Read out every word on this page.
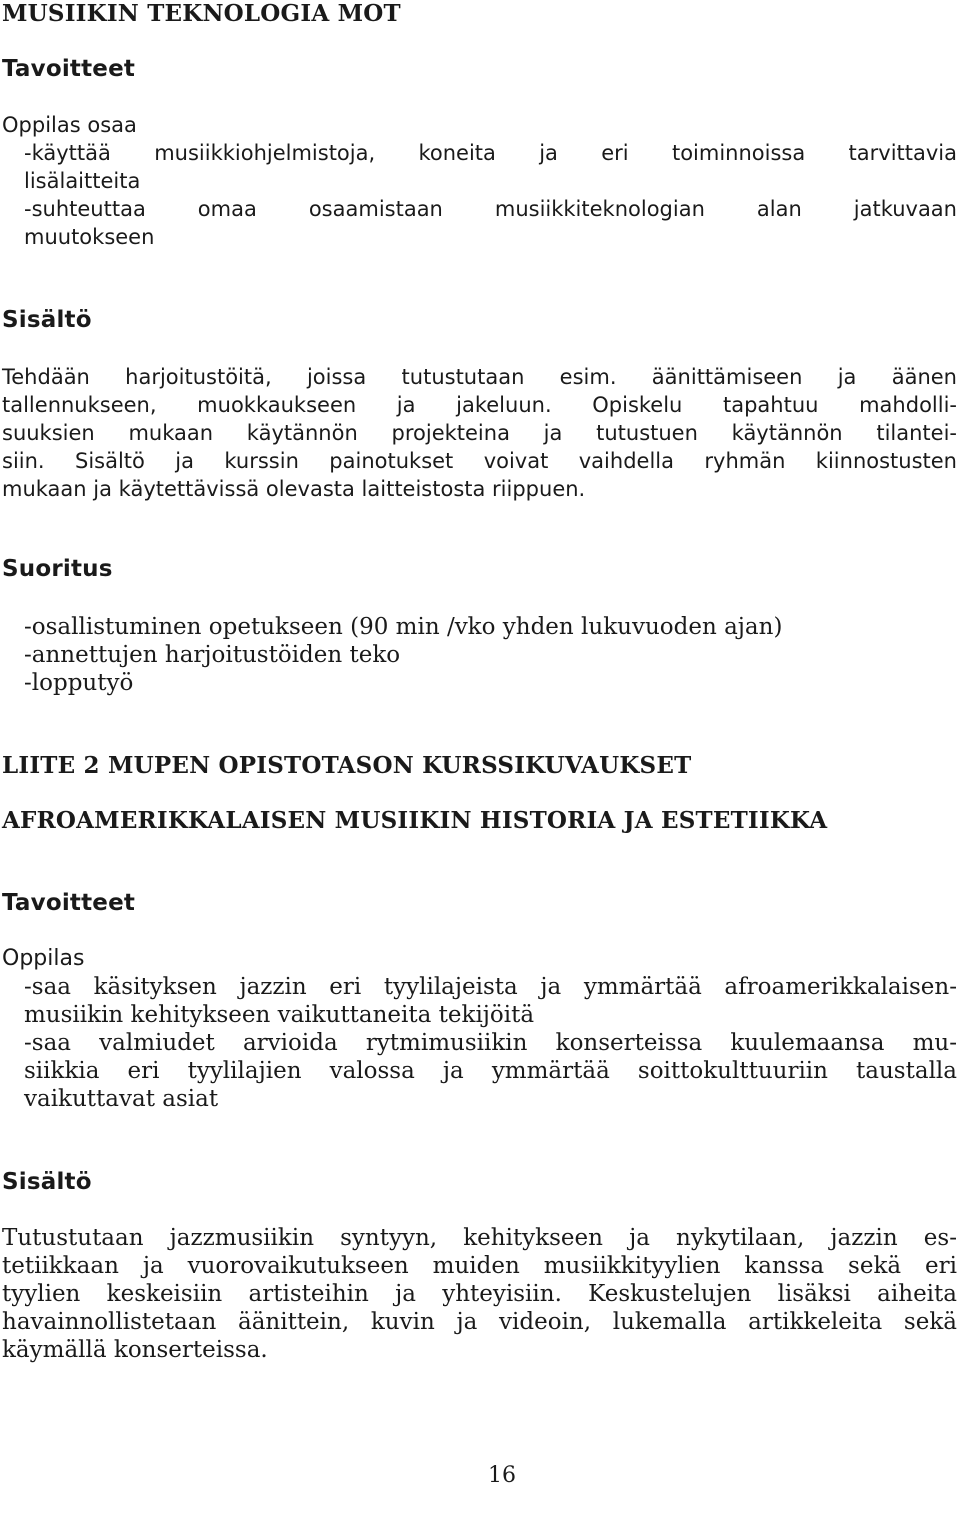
MUSIIKIN TEKNOLOGIA MOT
Tavoitteet
Oppilas osaa
-käyttää musiikkiohjelmistoja, koneita ja eri toiminnoissa tarvittavia
lisälaitteita
-suhteuttaa omaa osaamistaan musiikkiteknologian alan jatkuvaan
muutokseen
Sisältö
Tehdään harjoitustöitä, joissa tutustutaan esim. äänittämiseen ja äänen
tallennukseen, muokkaukseen ja jakeluun. Opiskelu tapahtuu mahdolli-
suuksien mukaan käytännön projekteina ja tutustuen käytännön tilantei-
siin. Sisältö ja kurssin painotukset voivat vaihdella ryhmän kiinnostusten
mukaan ja käytettävissä olevasta laitteistosta riippuen.
Suoritus
-osallistuminen opetukseen (90 min /vko yhden lukuvuoden ajan)
-annettujen harjoitustöiden teko
-lopputyö
LIITE 2 MUPEN OPISTOTASON KURSSIKUVAUKSET
AFROAMERIKKALAISEN MUSIIKIN HISTORIA JA ESTETIIKKA
Tavoitteet
Oppilas
-saa käsityksen jazzin eri tyylilajeista ja ymmärtää afroamerikkalaisen-
musiikin kehitykseen vaikuttaneita tekijöitä
-saa valmiudet arvioida rytmimusiikin konserteissa kuulemaansa mu-
siikkia eri tyylilajien valossa ja ymmärtää soittokulttuuriin taustalla
vaikuttavat asiat
Sisältö
Tutustutaan jazzmusiikin syntyyn, kehitykseen ja nykytilaan, jazzin es-
tetiikkaan ja vuorovaikutukseen muiden musiikkityylien kanssa sekä eri
tyylien keskeisiin artisteihin ja yhteyisiin. Keskustelujen lisäksi aiheita
havainnollistetaan äänittein, kuvin ja videoin, lukemalla artikkeleita sekä
käymällä konserteissa.
16
